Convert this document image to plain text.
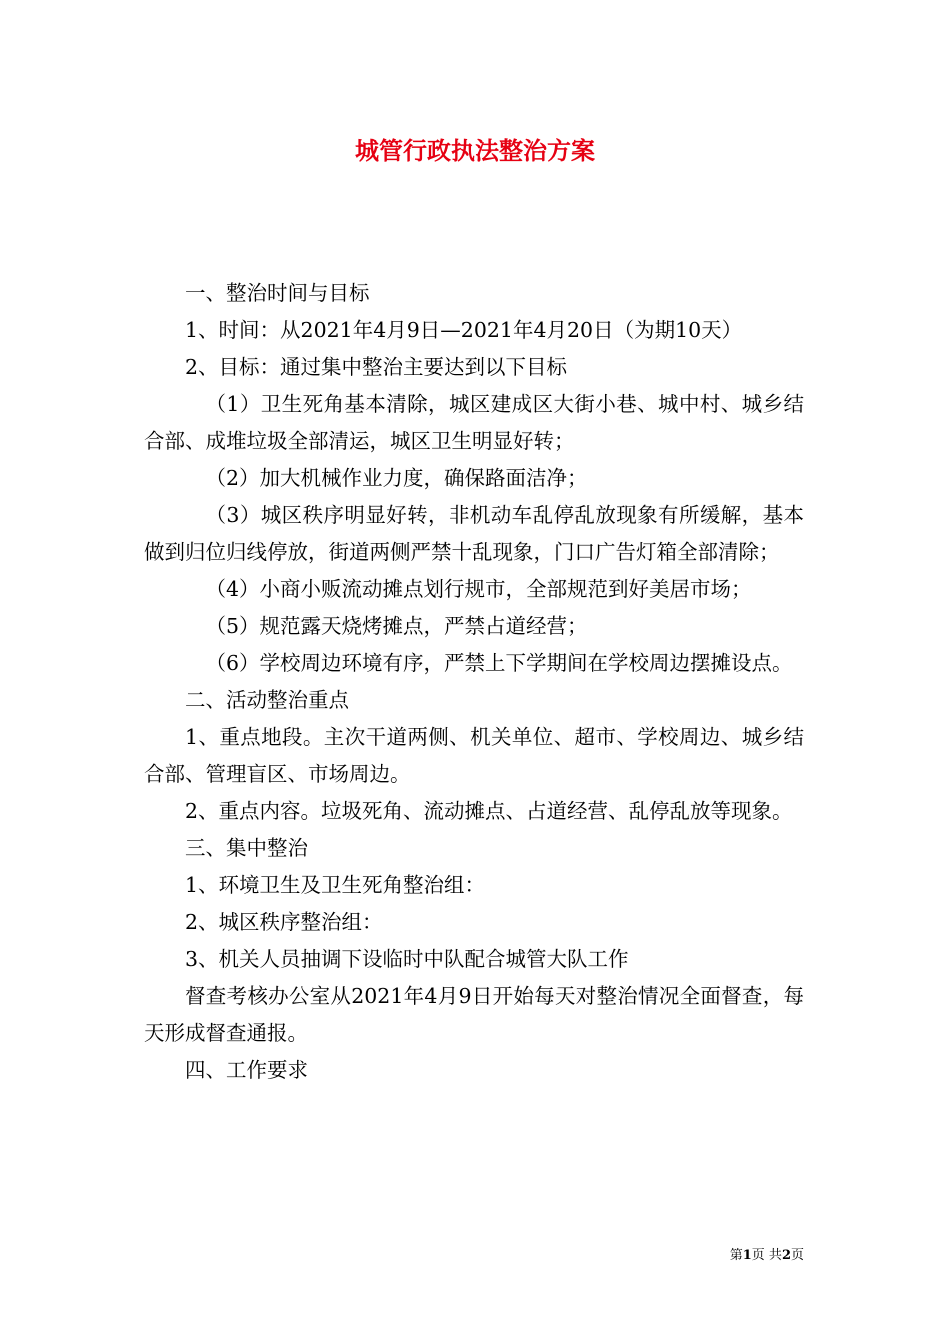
城管行政执法整治方案

一、整治时间与目标

1、时间：从2021年4月9日—2021年4月20日（为期10天）

2、目标：通过集中整治主要达到以下目标

（1）卫生死角基本清除，城区建成区大街小巷、城中村、城乡结合部、成堆垃圾全部清运，城区卫生明显好转；

（2）加大机械作业力度，确保路面洁净；

（3）城区秩序明显好转，非机动车乱停乱放现象有所缓解，基本做到归位归线停放，街道两侧严禁十乱现象，门口广告灯箱全部清除；

（4）小商小贩流动摊点划行规市，全部规范到好美居市场；

（5）规范露天烧烤摊点，严禁占道经营；

（6）学校周边环境有序，严禁上下学期间在学校周边摆摊设点。

二、活动整治重点

1、重点地段。主次干道两侧、机关单位、超市、学校周边、城乡结合部、管理盲区、市场周边。

2、重点内容。垃圾死角、流动摊点、占道经营、乱停乱放等现象。

三、集中整治

1、环境卫生及卫生死角整治组：

2、城区秩序整治组：

3、机关人员抽调下设临时中队配合城管大队工作

督查考核办公室从2021年4月9日开始每天对整治情况全面督查，每天形成督查通报。

四、工作要求

第1页 共2页
